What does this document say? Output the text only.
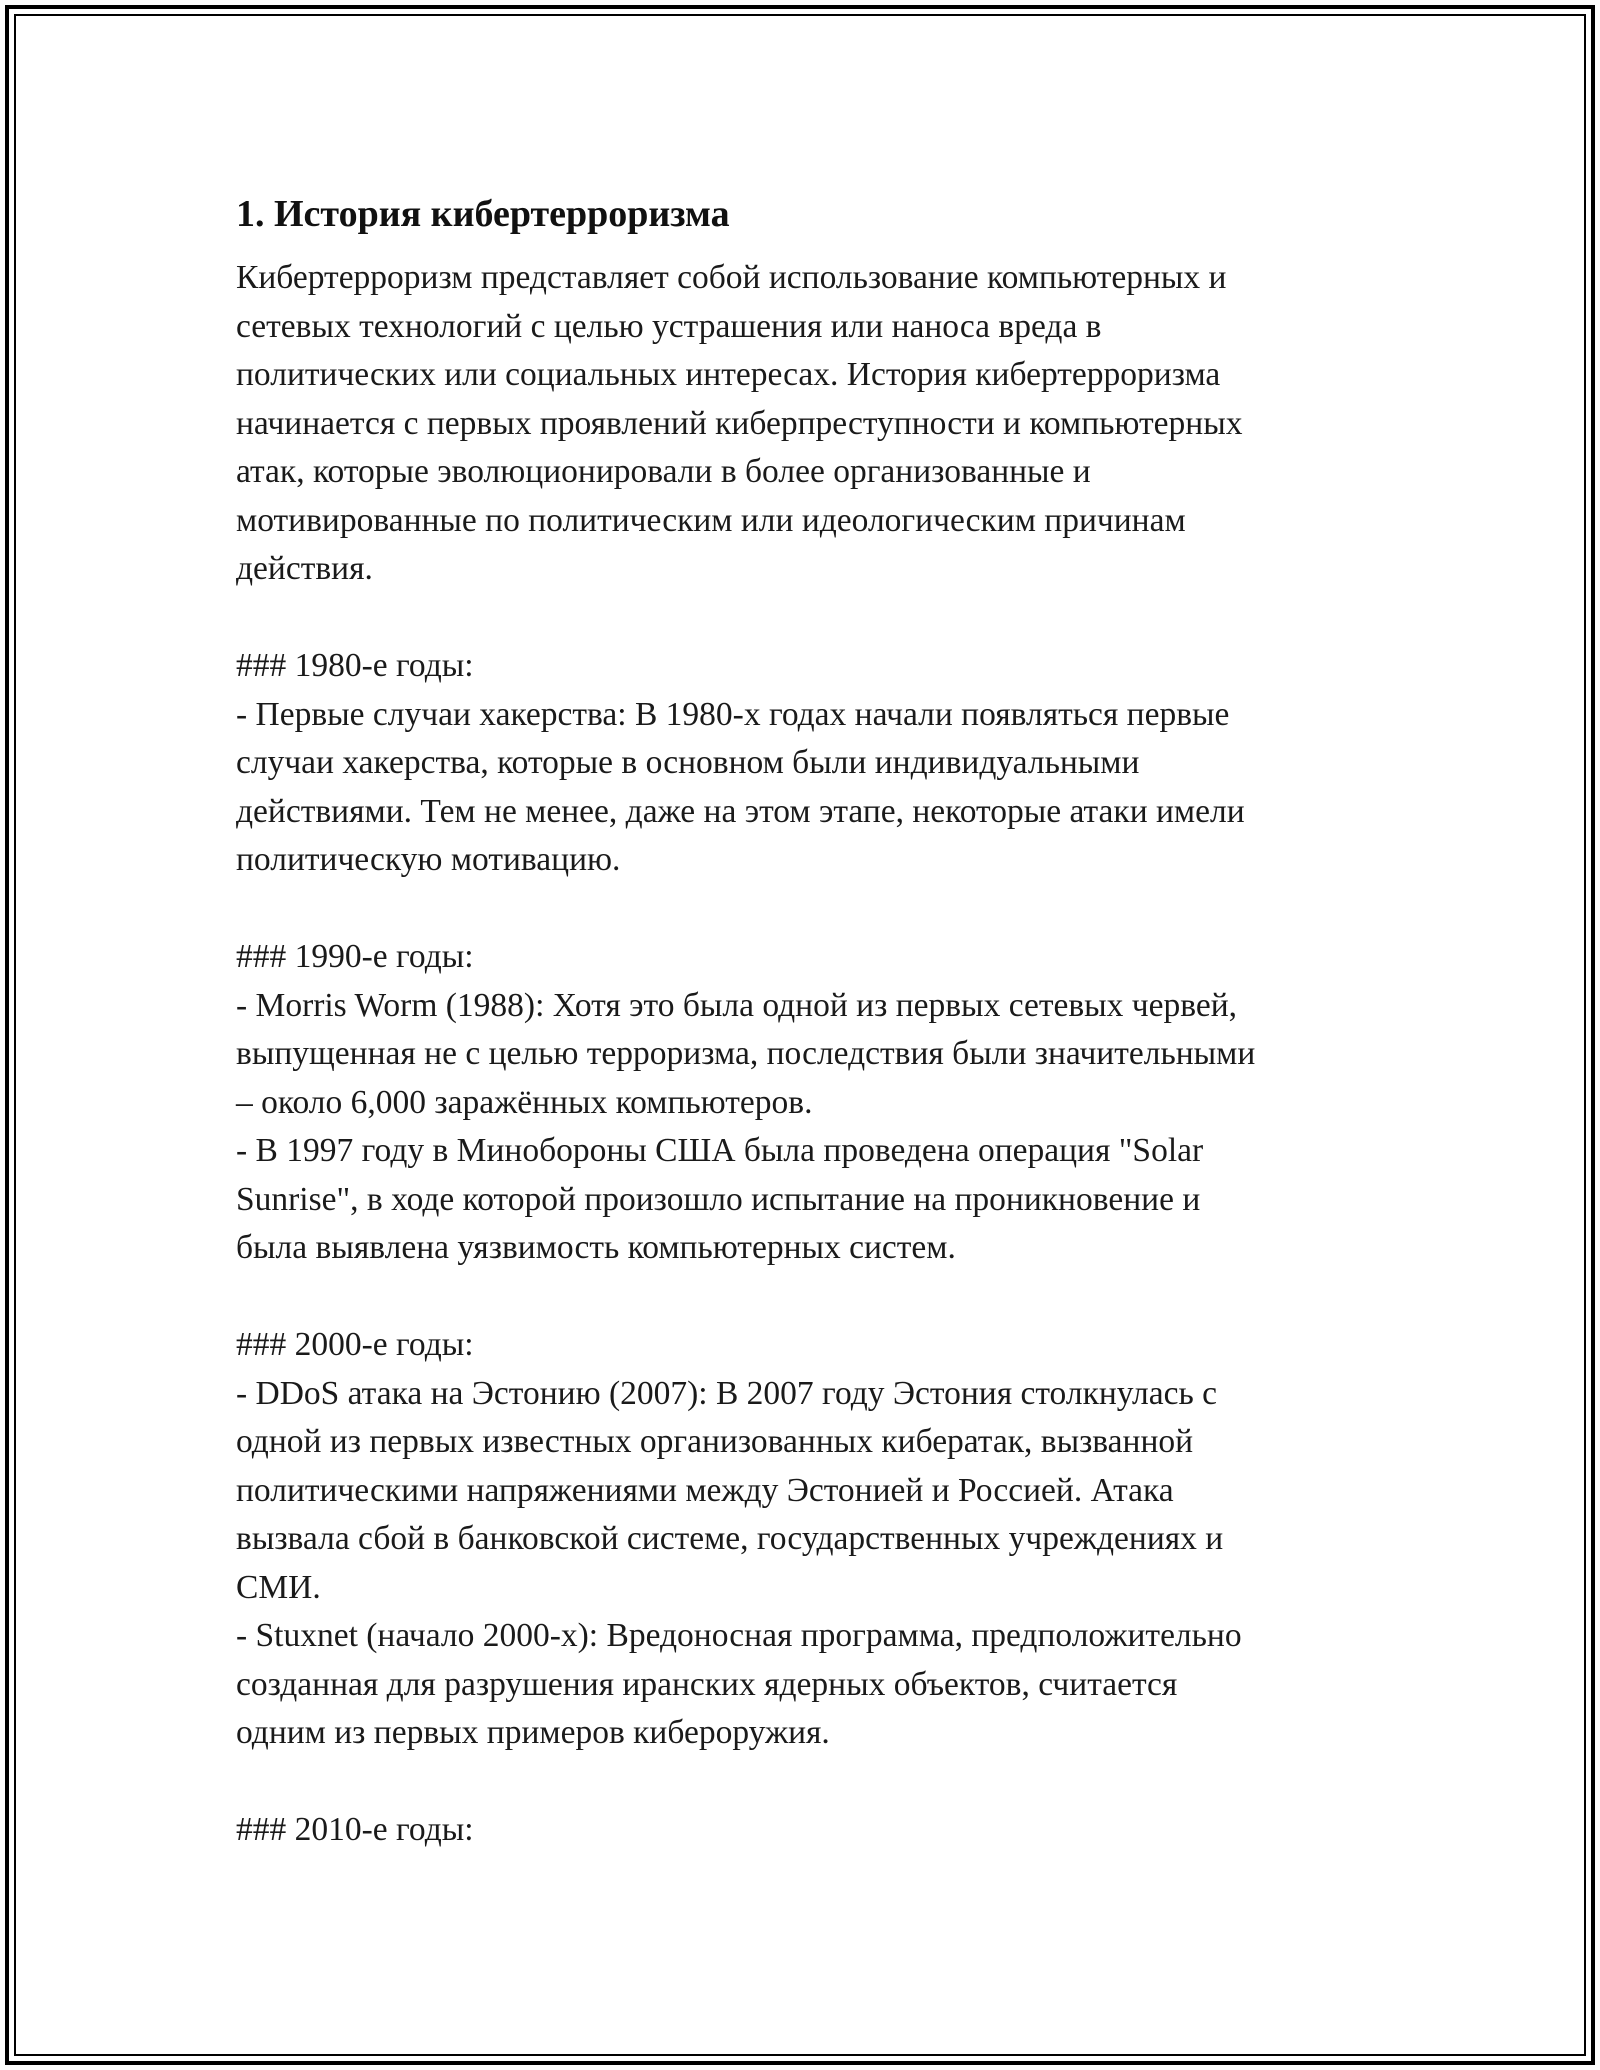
1. История кибертерроризма
Кибертерроризм представляет собой использование компьютерных и
сетевых технологий с целью устрашения или наноса вреда в
политических или социальных интересах. История кибертерроризма
начинается с первых проявлений киберпреступности и компьютерных
атак, которые эволюционировали в более организованные и
мотивированные по политическим или идеологическим причинам
действия.
### 1980-е годы:
- Первые случаи хакерства: В 1980-х годах начали появляться первые
случаи хакерства, которые в основном были индивидуальными
действиями. Тем не менее, даже на этом этапе, некоторые атаки имели
политическую мотивацию.
### 1990-е годы:
- Morris Worm (1988): Хотя это была одной из первых сетевых червей,
выпущенная не с целью терроризма, последствия были значительными
– около 6,000 заражённых компьютеров.
- В 1997 году в Минобороны США была проведена операция "Solar
Sunrise", в ходе которой произошло испытание на проникновение и
была выявлена уязвимость компьютерных систем.
### 2000-е годы:
- DDoS атака на Эстонию (2007): В 2007 году Эстония столкнулась с
одной из первых известных организованных кибератак, вызванной
политическими напряжениями между Эстонией и Россией. Атака
вызвала сбой в банковской системе, государственных учреждениях и
СМИ.
- Stuxnet (начало 2000-х): Вредоносная программа, предположительно
созданная для разрушения иранских ядерных объектов, считается
одним из первых примеров кибероружия.
### 2010-е годы:
